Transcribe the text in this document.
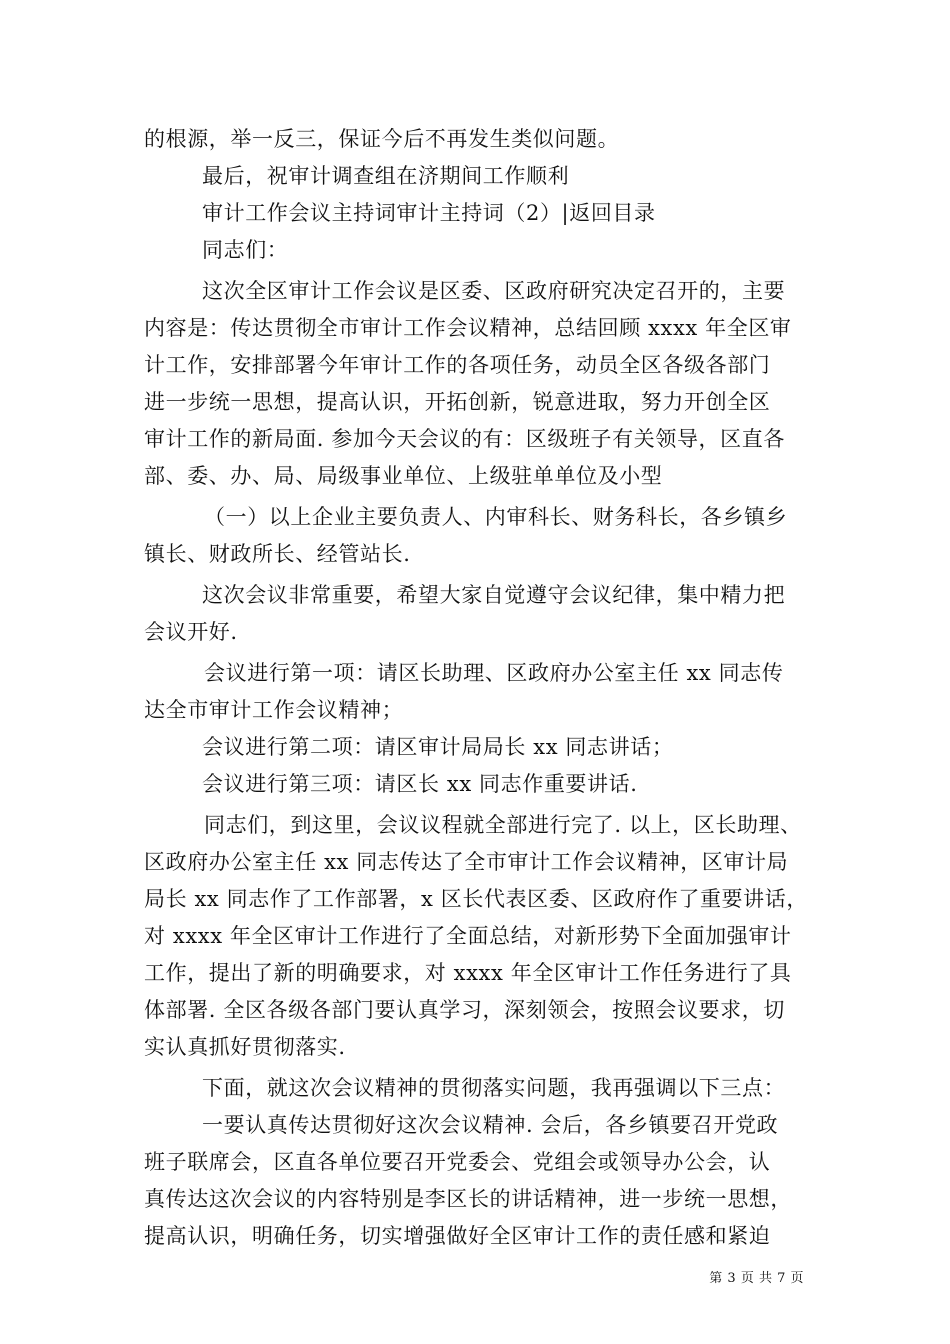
的根源，举一反三，保证今后不再发生类似问题。
最后，祝审计调查组在济期间工作顺利
审计工作会议主持词审计主持词（2）|返回目录
同志们：
这次全区审计工作会议是区委、区政府研究决定召开的，主要
内容是：传达贯彻全市审计工作会议精神，总结回顾 xxxx 年全区审
计工作，安排部署今年审计工作的各项任务，动员全区各级各部门
进一步统一思想，提高认识，开拓创新，锐意进取，努力开创全区
审计工作的新局面. 参加今天会议的有：区级班子有关领导，区直各
部、委、办、局、局级事业单位、上级驻单单位及小型
（一）以上企业主要负责人、内审科长、财务科长，各乡镇乡
镇长、财政所长、经管站长.
这次会议非常重要，希望大家自觉遵守会议纪律，集中精力把
会议开好.
会议进行第一项：请区长助理、区政府办公室主任 xx 同志传
达全市审计工作会议精神；
会议进行第二项：请区审计局局长 xx 同志讲话；
会议进行第三项：请区长 xx 同志作重要讲话.
同志们，到这里，会议议程就全部进行完了. 以上，区长助理、
区政府办公室主任 xx 同志传达了全市审计工作会议精神，区审计局
局长 xx 同志作了工作部署，x 区长代表区委、区政府作了重要讲话，
对 xxxx 年全区审计工作进行了全面总结，对新形势下全面加强审计
工作，提出了新的明确要求，对 xxxx 年全区审计工作任务进行了具
体部署. 全区各级各部门要认真学习，深刻领会，按照会议要求，切
实认真抓好贯彻落实.
下面，就这次会议精神的贯彻落实问题，我再强调以下三点：
一要认真传达贯彻好这次会议精神. 会后，各乡镇要召开党政
班子联席会，区直各单位要召开党委会、党组会或领导办公会，认
真传达这次会议的内容特别是李区长的讲话精神，进一步统一思想，
提高认识，明确任务，切实增强做好全区审计工作的责任感和紧迫
第 3 页 共 7 页
